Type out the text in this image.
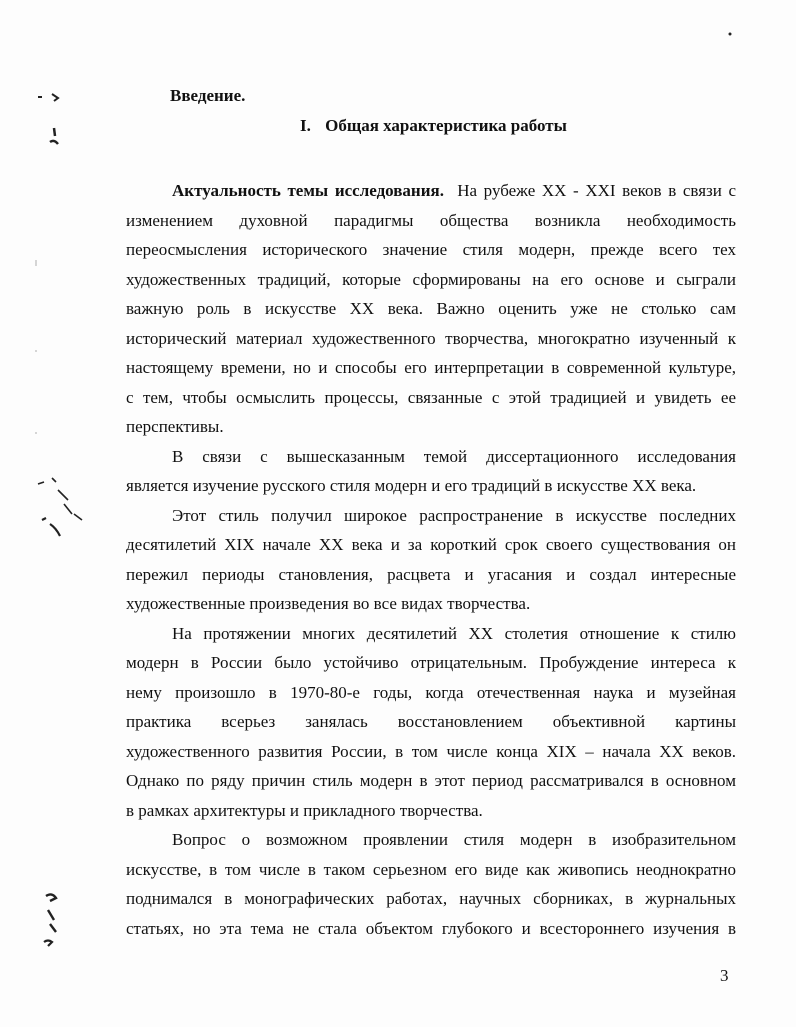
Введение.

I. Общая характеристика работы

Актуальность темы исследования. На рубеже XX - XXI веков в связи с
изменением духовной парадигмы общества возникла необходимость
переосмысления исторического значение стиля модерн, прежде всего тех
художественных традиций, которые сформированы на его основе и сыграли
важную роль в искусстве XX века. Важно оценить уже не столько сам
исторический материал художественного творчества, многократно изученный к
настоящему времени, но и способы его интерпретации в современной культуре,
с тем, чтобы осмыслить процессы, связанные с этой традицией и увидеть ее
перспективы.
В связи с вышесказанным темой диссертационного исследования
является изучение русского стиля модерн и его традиций в искусстве XX века.
Этот стиль получил широкое распространение в искусстве последних
десятилетий XIX начале XX века и за короткий срок своего существования он
пережил периоды становления, расцвета и угасания и создал интересные
художественные произведения во все видах творчества.
На протяжении многих десятилетий XX столетия отношение к стилю
модерн в России было устойчиво отрицательным. Пробуждение интереса к
нему произошло в 1970-80-е годы, когда отечественная наука и музейная
практика всерьез занялась восстановлением объективной картины
художественного развития России, в том числе конца XIX – начала XX веков.
Однако по ряду причин стиль модерн в этот период рассматривался в основном
в рамках архитектуры и прикладного творчества.
Вопрос о возможном проявлении стиля модерн в изобразительном
искусстве, в том числе в таком серьезном его виде как живопись неоднократно
поднимался в монографических работах, научных сборниках, в журнальных
статьях, но эта тема не стала объектом глубокого и всестороннего изучения в

3
